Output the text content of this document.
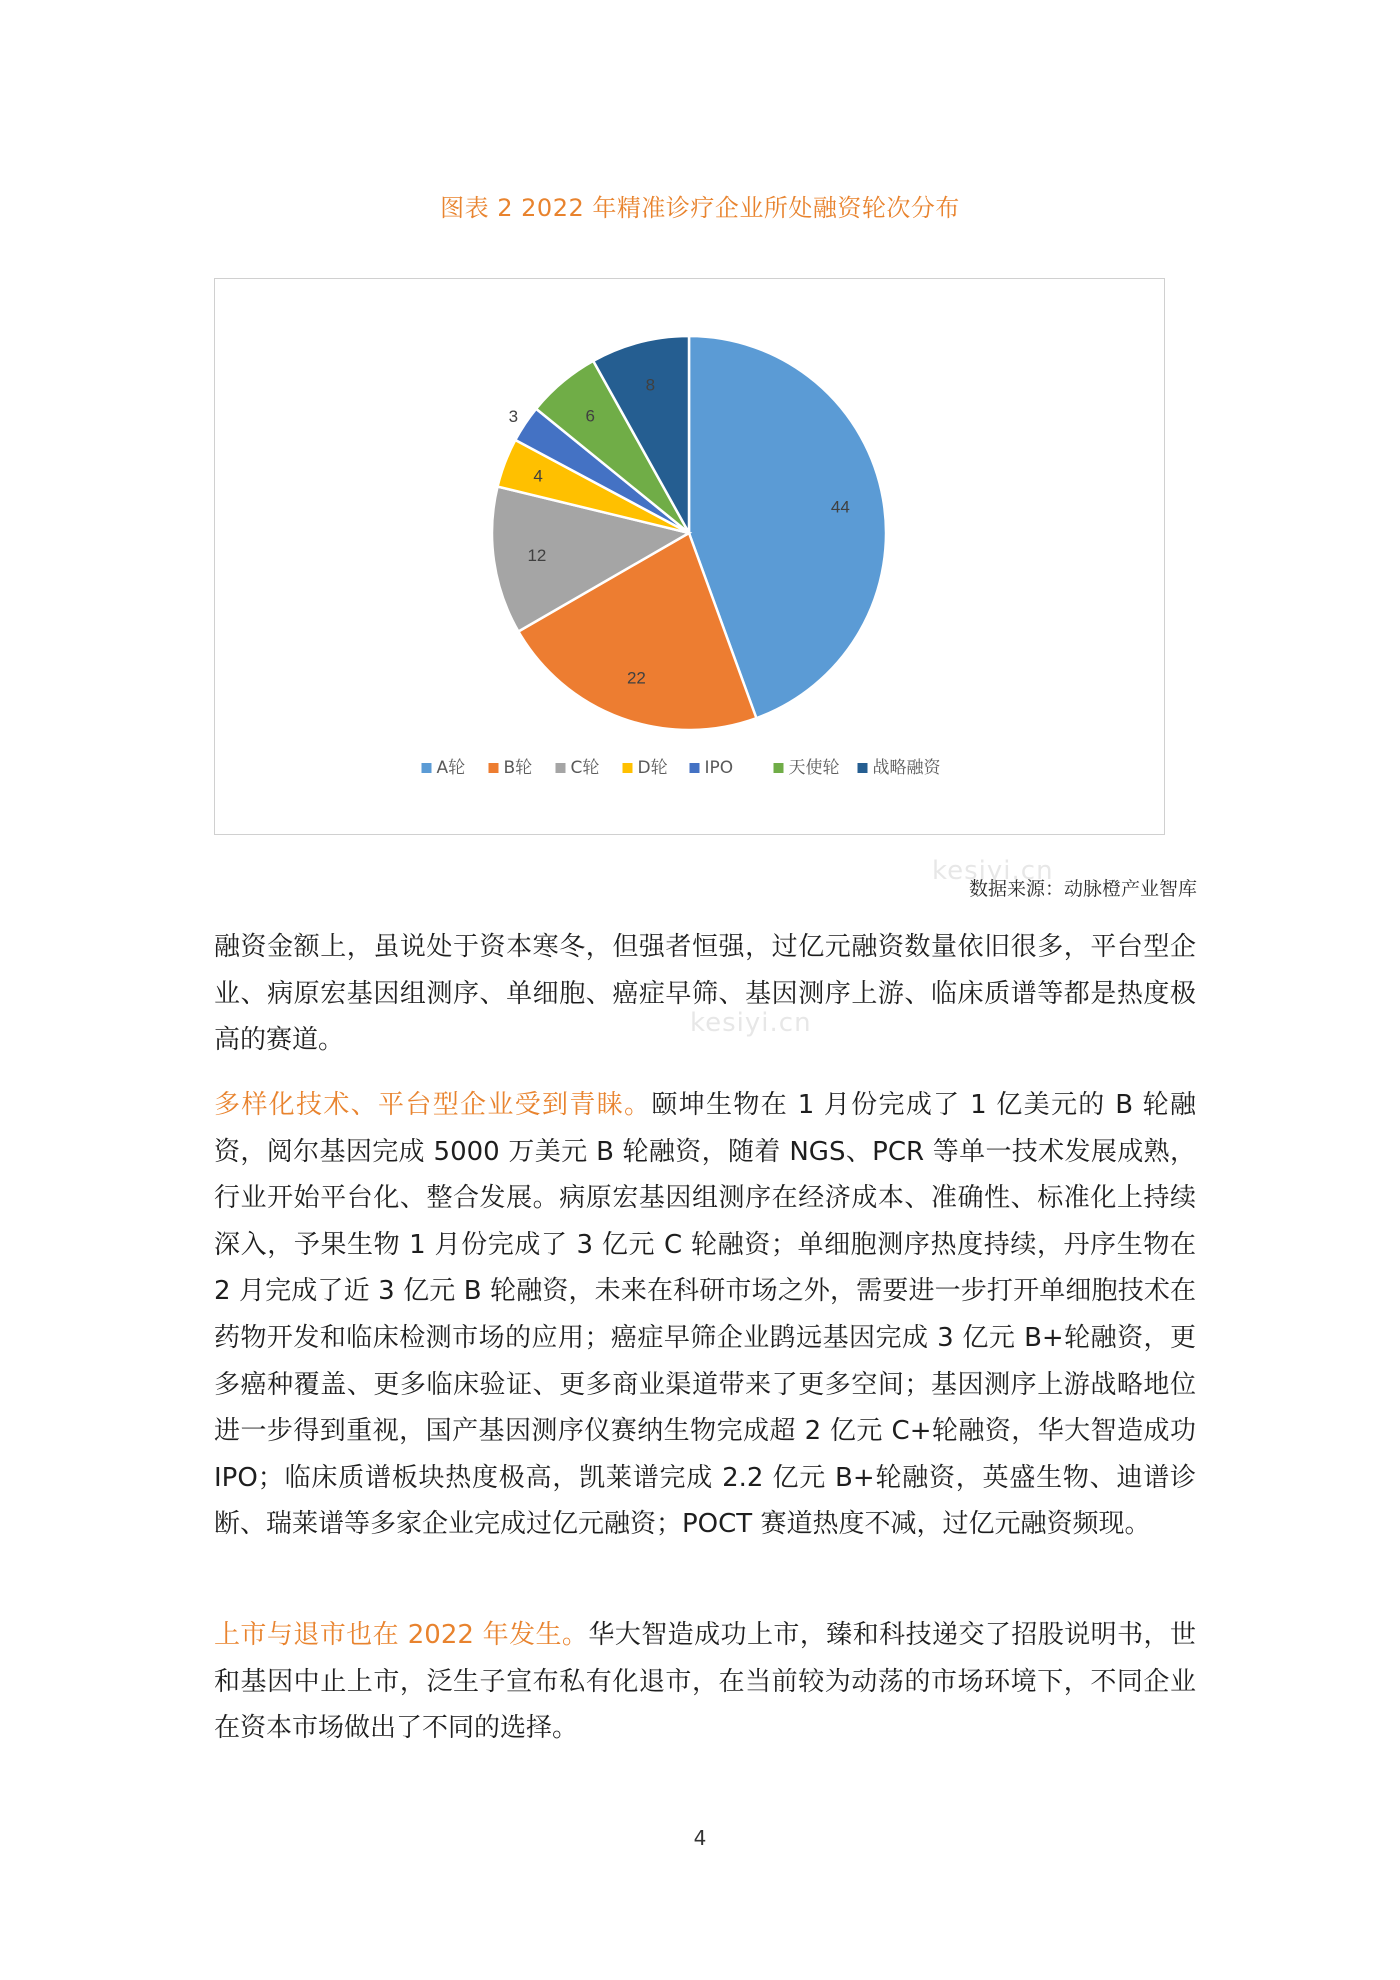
图表 2 2022 年精准诊疗企业所处融资轮次分布
44
22
12
4
3	6
8
A轮 B轮 C轮 D轮 IPO	天使轮 战略融资
数据来源：动脉橙产业智库

融资金额上，虽说处于资本寒冬，但强者恒强，过亿元融资数量依旧很多，平台型企业、病原宏基因组测序、单细胞、癌症早筛、基因测序上游、临床质谱等都是热度极高的赛道。

多样化技术、平台型企业受到青睐。颐坤生物在 1 月份完成了 1 亿美元的 B 轮融资，阅尔基因完成 5000 万美元 B 轮融资，随着 NGS、PCR 等单一技术发展成熟，行业开始平台化、整合发展。病原宏基因组测序在经济成本、准确性、标准化上持续深入，予果生物 1 月份完成了 3 亿元 C 轮融资；单细胞测序热度持续，丹序生物在 2 月完成了近 3 亿元 B 轮融资，未来在科研市场之外，需要进一步打开单细胞技术在药物开发和临床检测市场的应用；癌症早筛企业鹍远基因完成 3 亿元 B+轮融资，更多癌种覆盖、更多临床验证、更多商业渠道带来了更多空间；基因测序上游战略地位进一步得到重视，国产基因测序仪赛纳生物完成超 2 亿元 C+轮融资，华大智造成功 IPO；临床质谱板块热度极高，凯莱谱完成 2.2 亿元 B+轮融资，英盛生物、迪谱诊断、瑞莱谱等多家企业完成过亿元融资；POCT 赛道热度不减，过亿元融资频现。

上市与退市也在 2022 年发生。华大智造成功上市，臻和科技递交了招股说明书，世和基因中止上市，泛生子宣布私有化退市，在当前较为动荡的市场环境下，不同企业在资本市场做出了不同的选择。

kesiyi.cn
kesiyi.cn
4
